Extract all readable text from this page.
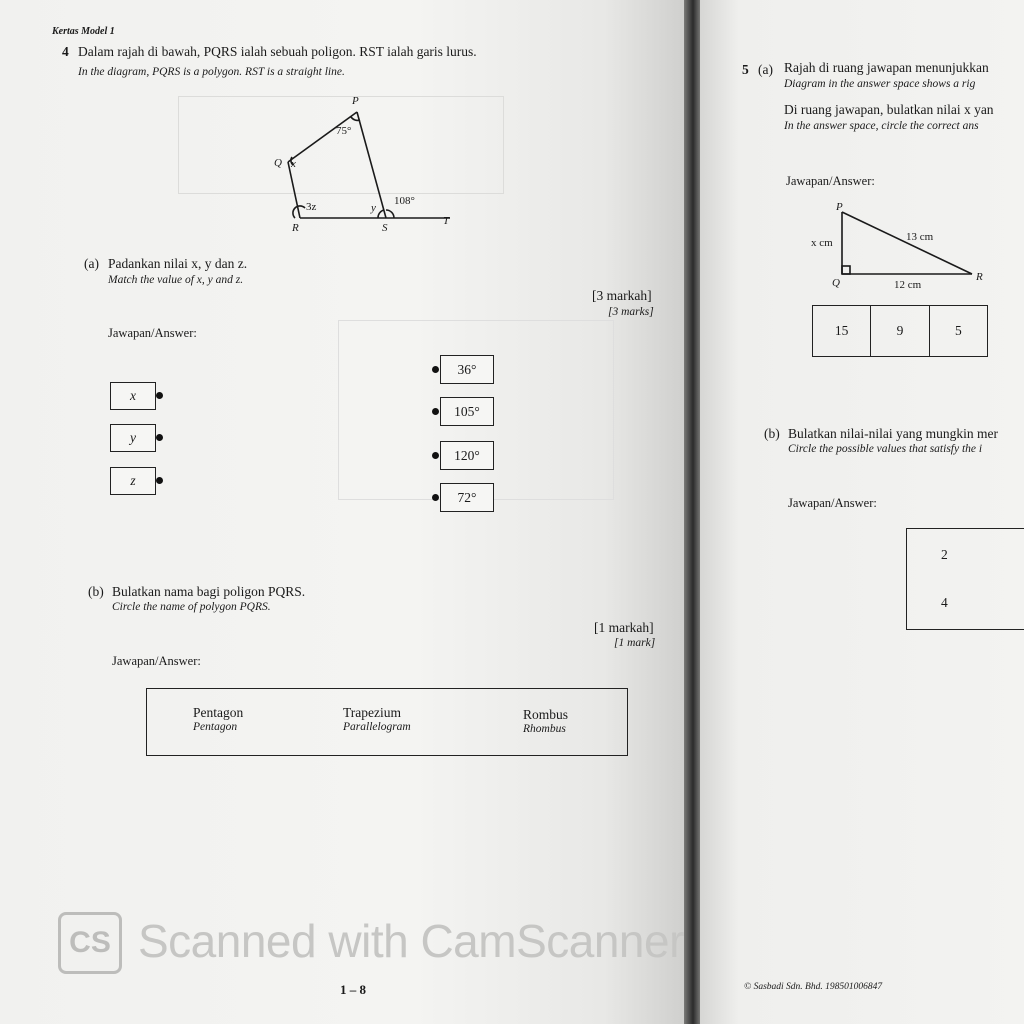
Kertas Model 1
4 Dalam rajah di bawah, PQRS ialah sebuah poligon. RST ialah garis lurus.
In the diagram, PQRS is a polygon. RST is a straight line.
P
Q
R	S
T
75°
x
3z	y
108°
(a) Padankan nilai x, y dan z.
Match the value of x, y and z.
[3 markah]
[3 marks]
Jawapan/Answer:
x
y
z
36°
105°
120°
72°
(b) Bulatkan nama bagi poligon PQRS.
Circle the name of polygon PQRS.
[1 markah]
[1 mark]
Jawapan/Answer:
Pentagon
Pentagon
Trapezium
Parallelogram
Rombus
Rhombus
CS Scanned with CamScanner
1 – 8
5 (a) Rajah di ruang jawapan menunjukkan
Diagram in the answer space shows a rig
Di ruang jawapan, bulatkan nilai x yan
In the answer space, circle the correct ans
Jawapan/Answer:
P
Q	R
x cm	13 cm
12 cm
15	9	5
(b) Bulatkan nilai-nilai yang mungkin mer
Circle the possible values that satisfy the i
Jawapan/Answer:
2
4
© Sasbadi Sdn. Bhd. 198501006847
